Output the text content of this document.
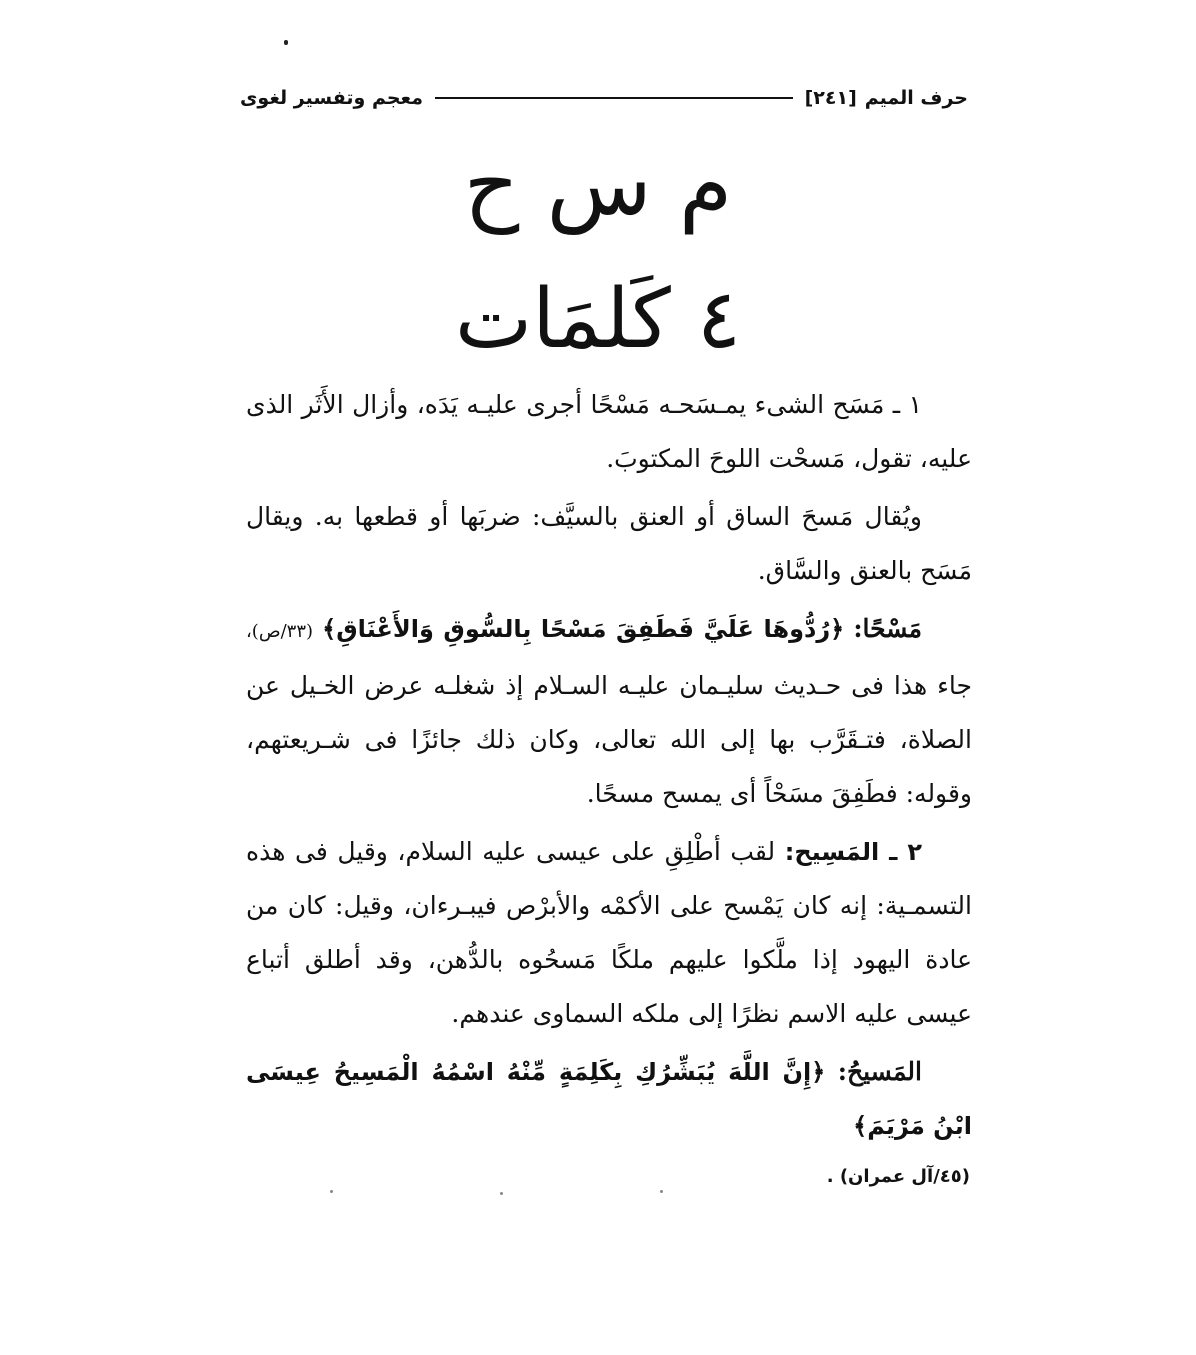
معجم وتفسير لغوى	حرف الميم
[٢٤١]
م س ح
٤ كَلمَات

١ ـ مَسَح الشىء يمـسَحـه مَسْحًا أجرى عليـه يَدَه، وأزال الأَثَر الذى عليه، تقول، مَسحْت اللوحَ المكتوبَ.

ويُقال مَسحَ الساق أو العنق بالسيَّف: ضربَها أو قطعها به. ويقال مَسَح بالعنق والسَّاق.

مَسْحًا: ﴿رُدُّوهَا عَلَيَّ فَطَفِقَ مَسْحًا بِالسُّوقِ وَالأَعْنَاقِ﴾ (٣٣/ص)، جاء هذا فى حـديث سليـمان عليـه السـلام إذ شغلـه عرض الخـيل عن الصلاة، فتـقَرَّب بها إلى الله تعالى، وكان ذلك جائزًا فى شـريعتهم، وقوله: فطَفِقَ مسَحْاً أى يمسح مسحًا.

٢ ـ المَسِيح: لقب أطْلِقِ على عيسى عليه السلام، وقيل فى هذه التسمـية: إنه كان يَمْسح على الأكمْه والأبرْص فيبـرءان، وقيل: كان من عادة اليهود إذا ملَّكوا عليهم ملكًا مَسحُوه بالدُّهن، وقد أطلق أتباع عيسى عليه الاسم نظرًا إلى ملكه السماوى عندهم.

المَسيحُ: ﴿إِنَّ اللَّهَ يُبَشِّرُكِ بِكَلِمَةٍ مِّنْهُ اسْمُهُ الْمَسِيحُ عِيسَى ابْنُ مَرْيَمَ﴾

(٤٥/آل عمران) .
